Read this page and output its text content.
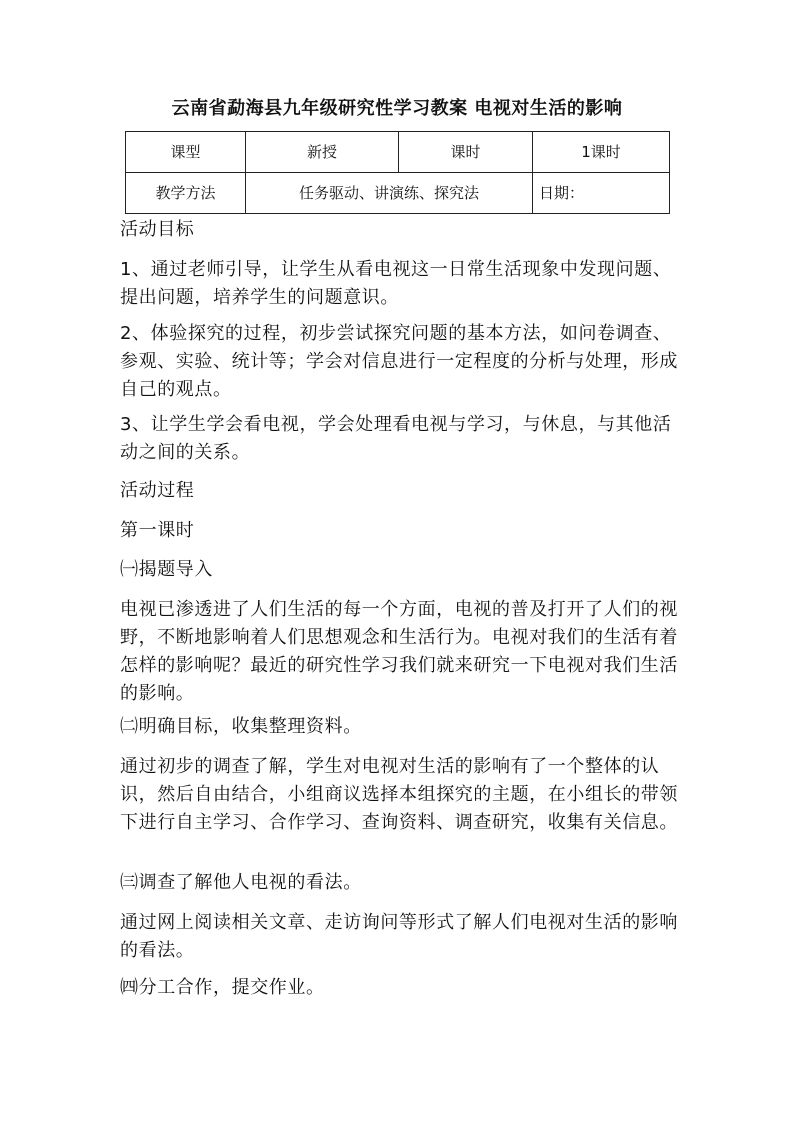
云南省勐海县九年级研究性学习教案 电视对生活的影响
课型	新授	课时	1课时
教学方法	任务驱动、讲演练、探究法		日期：
活动目标
1、通过老师引导，让学生从看电视这一日常生活现象中发现问题、提出问题，培养学生的问题意识。
2、体验探究的过程，初步尝试探究问题的基本方法，如问卷调查、参观、实验、统计等；学会对信息进行一定程度的分析与处理，形成自己的观点。
3、让学生学会看电视，学会处理看电视与学习，与休息，与其他活动之间的关系。
活动过程
第一课时
㈠揭题导入
电视已渗透进了人们生活的每一个方面，电视的普及打开了人们的视野，不断地影响着人们思想观念和生活行为。电视对我们的生活有着怎样的影响呢？最近的研究性学习我们就来研究一下电视对我们生活的影响。
㈡明确目标，收集整理资料。
通过初步的调查了解，学生对电视对生活的影响有了一个整体的认识，然后自由结合，小组商议选择本组探究的主题，在小组长的带领下进行自主学习、合作学习、查询资料、调查研究，收集有关信息。
㈢调查了解他人电视的看法。
通过网上阅读相关文章、走访询问等形式了解人们电视对生活的影响的看法。
㈣分工合作，提交作业。
